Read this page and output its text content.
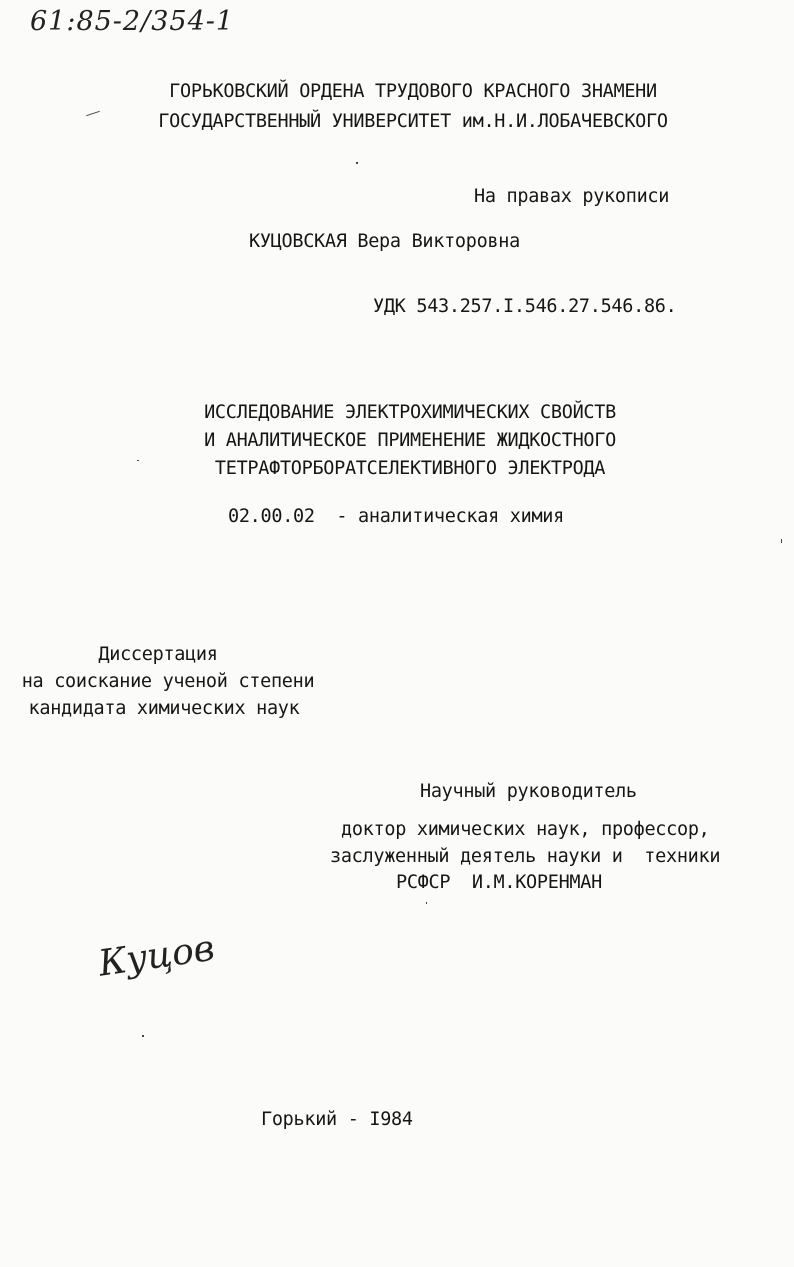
61:85-2/354-1
ГОРЬКОВСКИЙ ОРДЕНА ТРУДОВОГО КРАСНОГО ЗНАМЕНИ
ГОСУДАРСТВЕННЫЙ УНИВЕРСИТЕТ им.Н.И.ЛОБАЧЕВСКОГО
На правах рукописи
КУЦОВСКАЯ Вера Викторовна
УДК 543.257.I.546.27.546.86.
ИССЛЕДОВАНИЕ ЭЛЕКТРОХИМИЧЕСКИХ СВОЙСТВ
И АНАЛИТИЧЕСКОЕ ПРИМЕНЕНИЕ ЖИДКОСТНОГО
ТЕТРАФТОРБОРАТСЕЛЕКТИВНОГО ЭЛЕКТРОДА
02.00.02  - аналитическая химия
Диссертация
на соискание ученой степени
кандидата химических наук
Научный руководитель
доктор химических наук, профессор,
заслуженный деятель науки и  техники
РСФСР  И.М.КОРЕНМАН
Куцов
Горький - I984
